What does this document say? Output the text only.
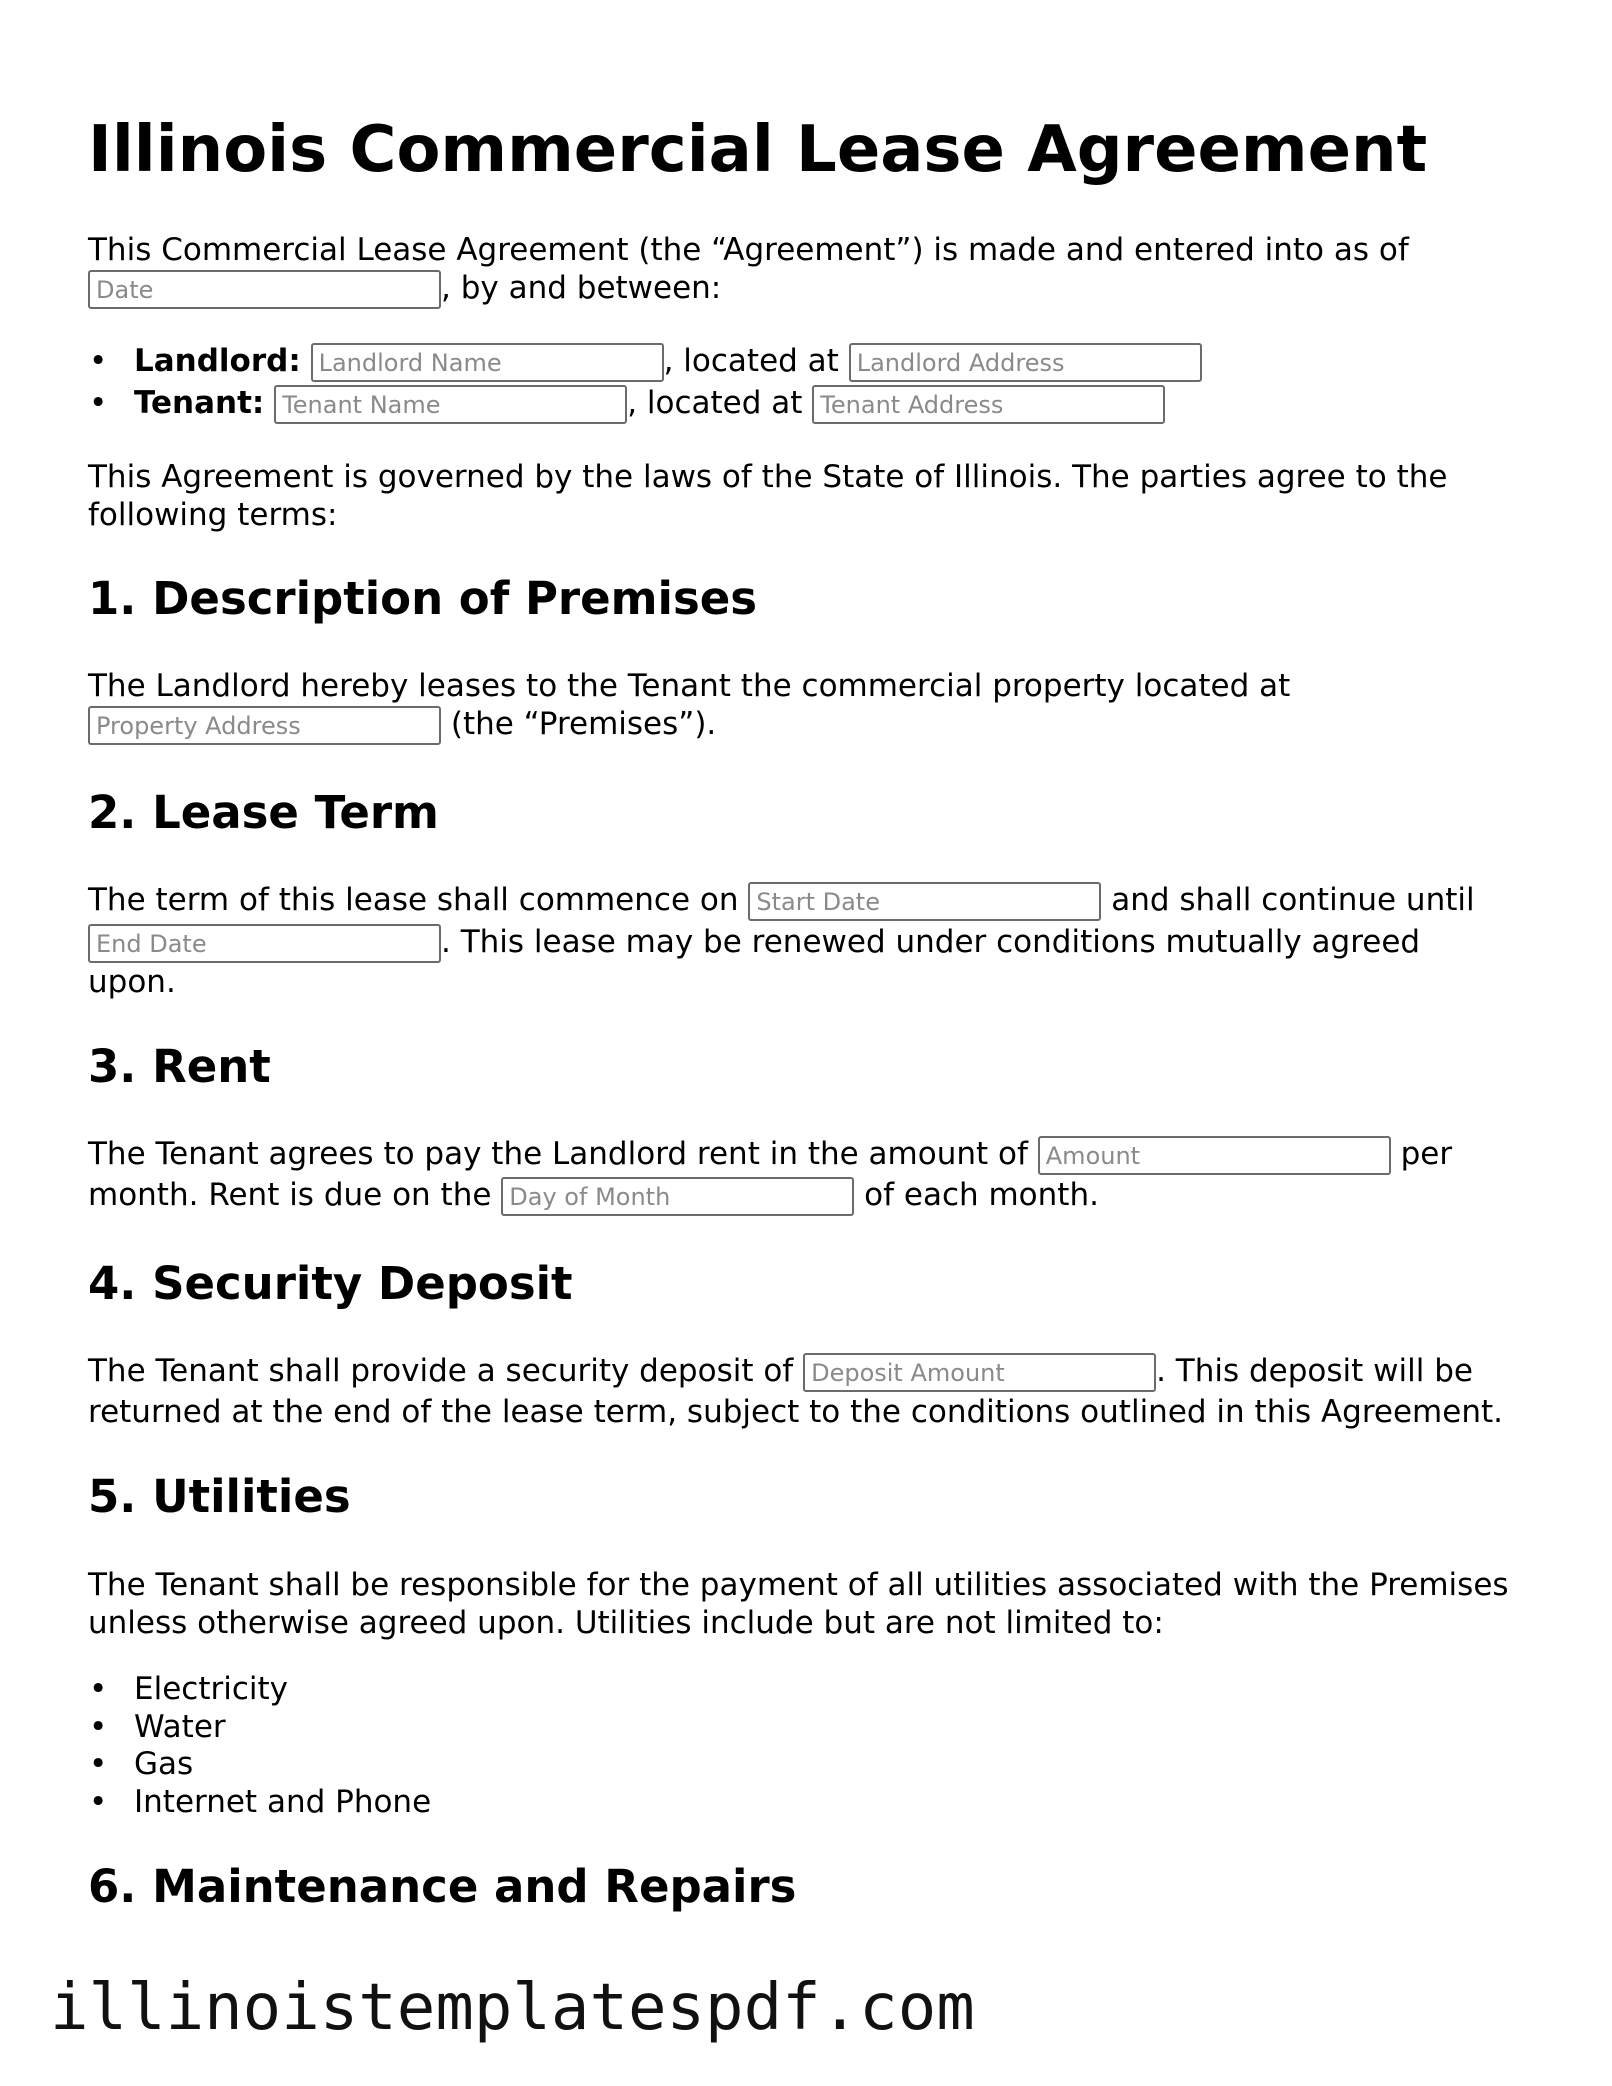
Illinois Commercial Lease Agreement
This Commercial Lease Agreement (the “Agreement”) is made and entered into as of
Date, by and between:
• Landlord: Landlord Name	, located at Landlord Address
• Tenant: Tenant Name	, located at Tenant Address
This Agreement is governed by the laws of the State of Illinois. The parties agree to the following terms:
1. Description of Premises
The Landlord hereby leases to the Tenant the commercial property located at
Property Address (the “Premises”).
2. Lease Term
The term of this lease shall commence on Start Date	and shall continue until
End Date. This lease may be renewed under conditions mutually agreed
upon.
3. Rent
The Tenant agrees to pay the Landlord rent in the amount of Amount	per
month. Rent is due on the Day of Month	of each month.
4. Security Deposit
The Tenant shall provide a security deposit of Deposit Amount	. This deposit will be
returned at the end of the lease term, subject to the conditions outlined in this Agreement.
5. Utilities
The Tenant shall be responsible for the payment of all utilities associated with the Premises unless otherwise agreed upon. Utilities include but are not limited to:
• Electricity
• Water
• Gas
• Internet and Phone
6. Maintenance and Repairs
illinoistemplatespdf.com
